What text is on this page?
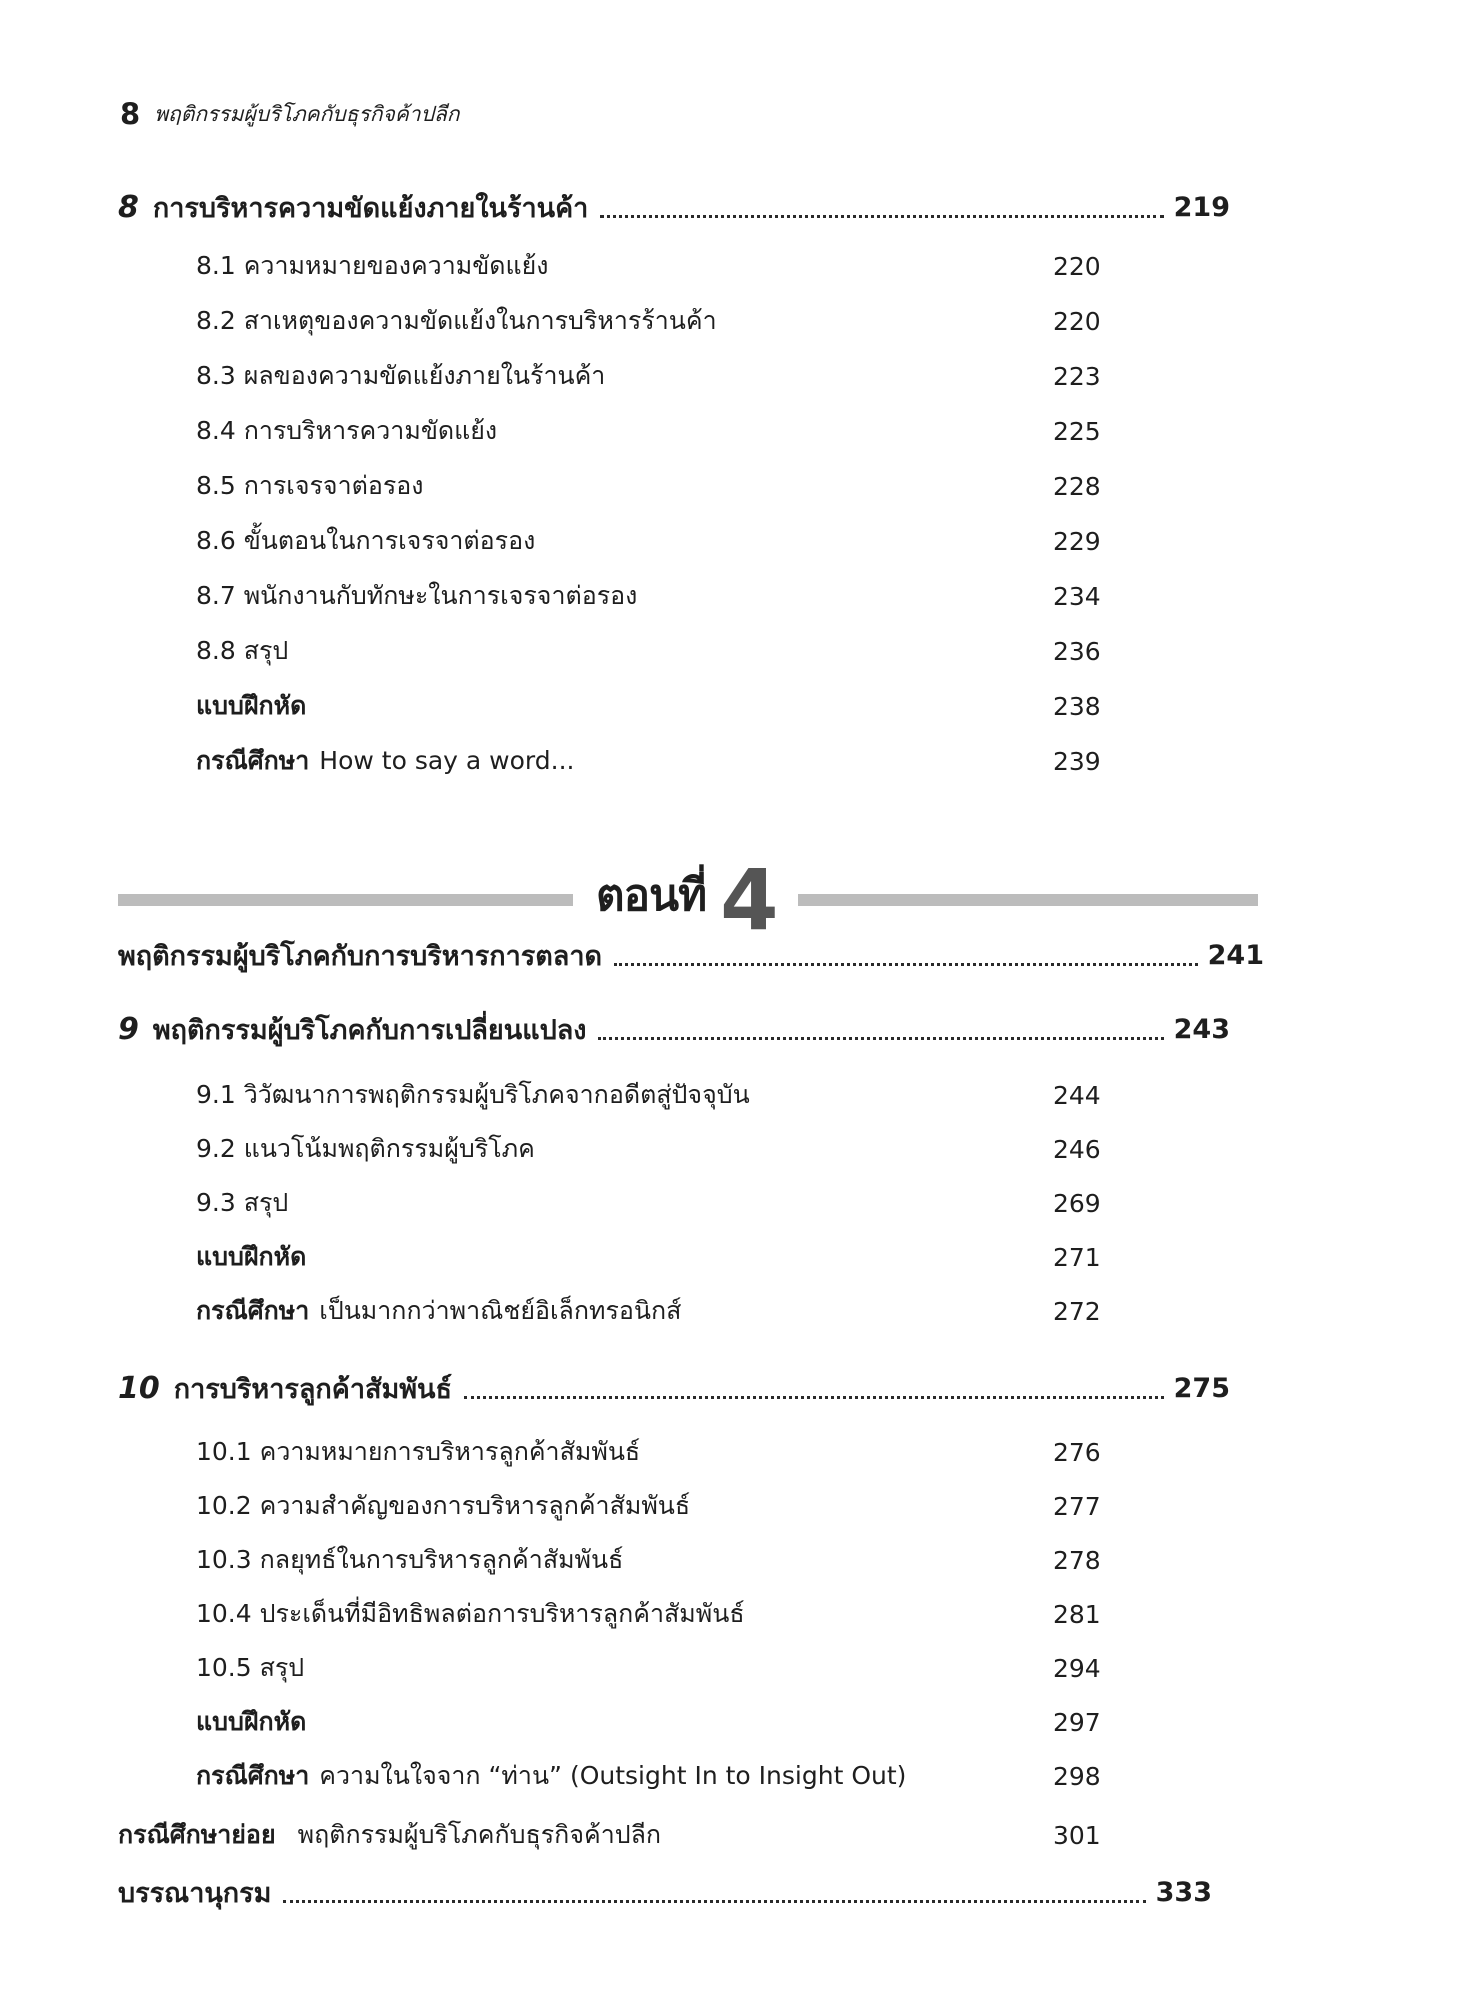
8 พฤติกรรมผู้บริโภคกับธุรกิจค้าปลีก
8 การบริหารความขัดแย้งภายในร้านค้า	219
8.1 ความหมายของความขัดแย้ง	220
8.2 สาเหตุของความขัดแย้งในการบริหารร้านค้า	220
8.3 ผลของความขัดแย้งภายในร้านค้า	223
8.4 การบริหารความขัดแย้ง	225
8.5 การเจรจาต่อรอง	228
8.6 ขั้นตอนในการเจรจาต่อรอง	229
8.7 พนักงานกับทักษะในการเจรจาต่อรอง	234
8.8 สรุป	236
แบบฝึกหัด	238
กรณีศึกษา How to say a word...	239
ตอนที่ 4
พฤติกรรมผู้บริโภคกับการบริหารการตลาด	241
9 พฤติกรรมผู้บริโภคกับการเปลี่ยนแปลง	243
9.1 วิวัฒนาการพฤติกรรมผู้บริโภคจากอดีตสู่ปัจจุบัน	244
9.2 แนวโน้มพฤติกรรมผู้บริโภค	246
9.3 สรุป	269
แบบฝึกหัด	271
กรณีศึกษา เป็นมากกว่าพาณิชย์อิเล็กทรอนิกส์	272
10 การบริหารลูกค้าสัมพันธ์	275
10.1 ความหมายการบริหารลูกค้าสัมพันธ์	276
10.2 ความสำคัญของการบริหารลูกค้าสัมพันธ์	277
10.3 กลยุทธ์ในการบริหารลูกค้าสัมพันธ์	278
10.4 ประเด็นที่มีอิทธิพลต่อการบริหารลูกค้าสัมพันธ์	281
10.5 สรุป	294
แบบฝึกหัด	297
กรณีศึกษา ความในใจจาก “ท่าน” (Outsight In to Insight Out)	298
กรณีศึกษาย่อย พฤติกรรมผู้บริโภคกับธุรกิจค้าปลีก	301
บรรณานุกรม	333
